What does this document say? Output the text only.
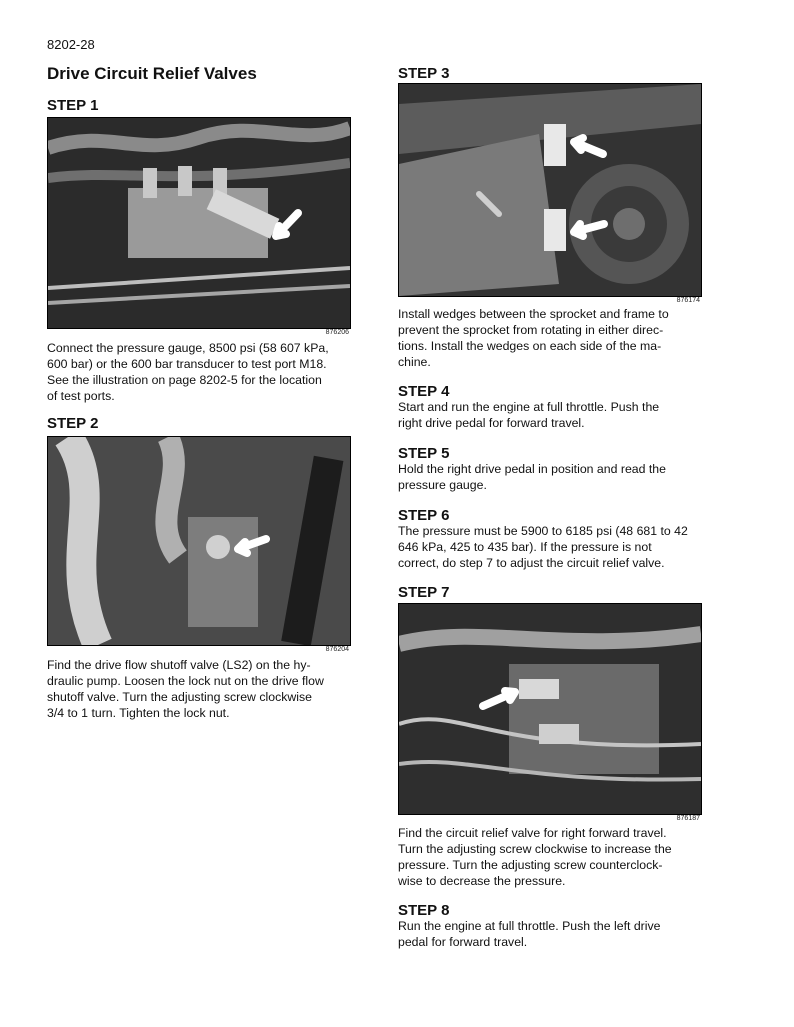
8202-28
Drive Circuit Relief Valves
STEP 1
876206
Connect the pressure gauge, 8500 psi (58 607 kPa,
600 bar) or the 600 bar transducer to test port M18.
See the illustration on page 8202-5 for the location
of test ports.
STEP 2
876204
Find the drive flow shutoff valve (LS2) on the hy-
draulic pump. Loosen the lock nut on the drive flow
shutoff valve. Turn the adjusting screw clockwise
3/4 to 1 turn. Tighten the lock nut.
STEP 3
876174
Install wedges between the sprocket and frame to
prevent the sprocket from rotating in either direc-
tions. Install the wedges on each side of the ma-
chine.
STEP 4
Start and run the engine at full throttle. Push the
right drive pedal for forward travel.
STEP 5
Hold the right drive pedal in position and read the
pressure gauge.
STEP 6
The pressure must be 5900 to 6185 psi (48 681 to 42
646 kPa, 425 to 435 bar). If the pressure is not
correct, do step 7 to adjust the circuit relief valve.
STEP 7
876187
Find the circuit relief valve for right forward travel.
Turn the adjusting screw clockwise to increase the
pressure. Turn the adjusting screw counterclock-
wise to decrease the pressure.
STEP 8
Run the engine at full throttle. Push the left drive
pedal for forward travel.
